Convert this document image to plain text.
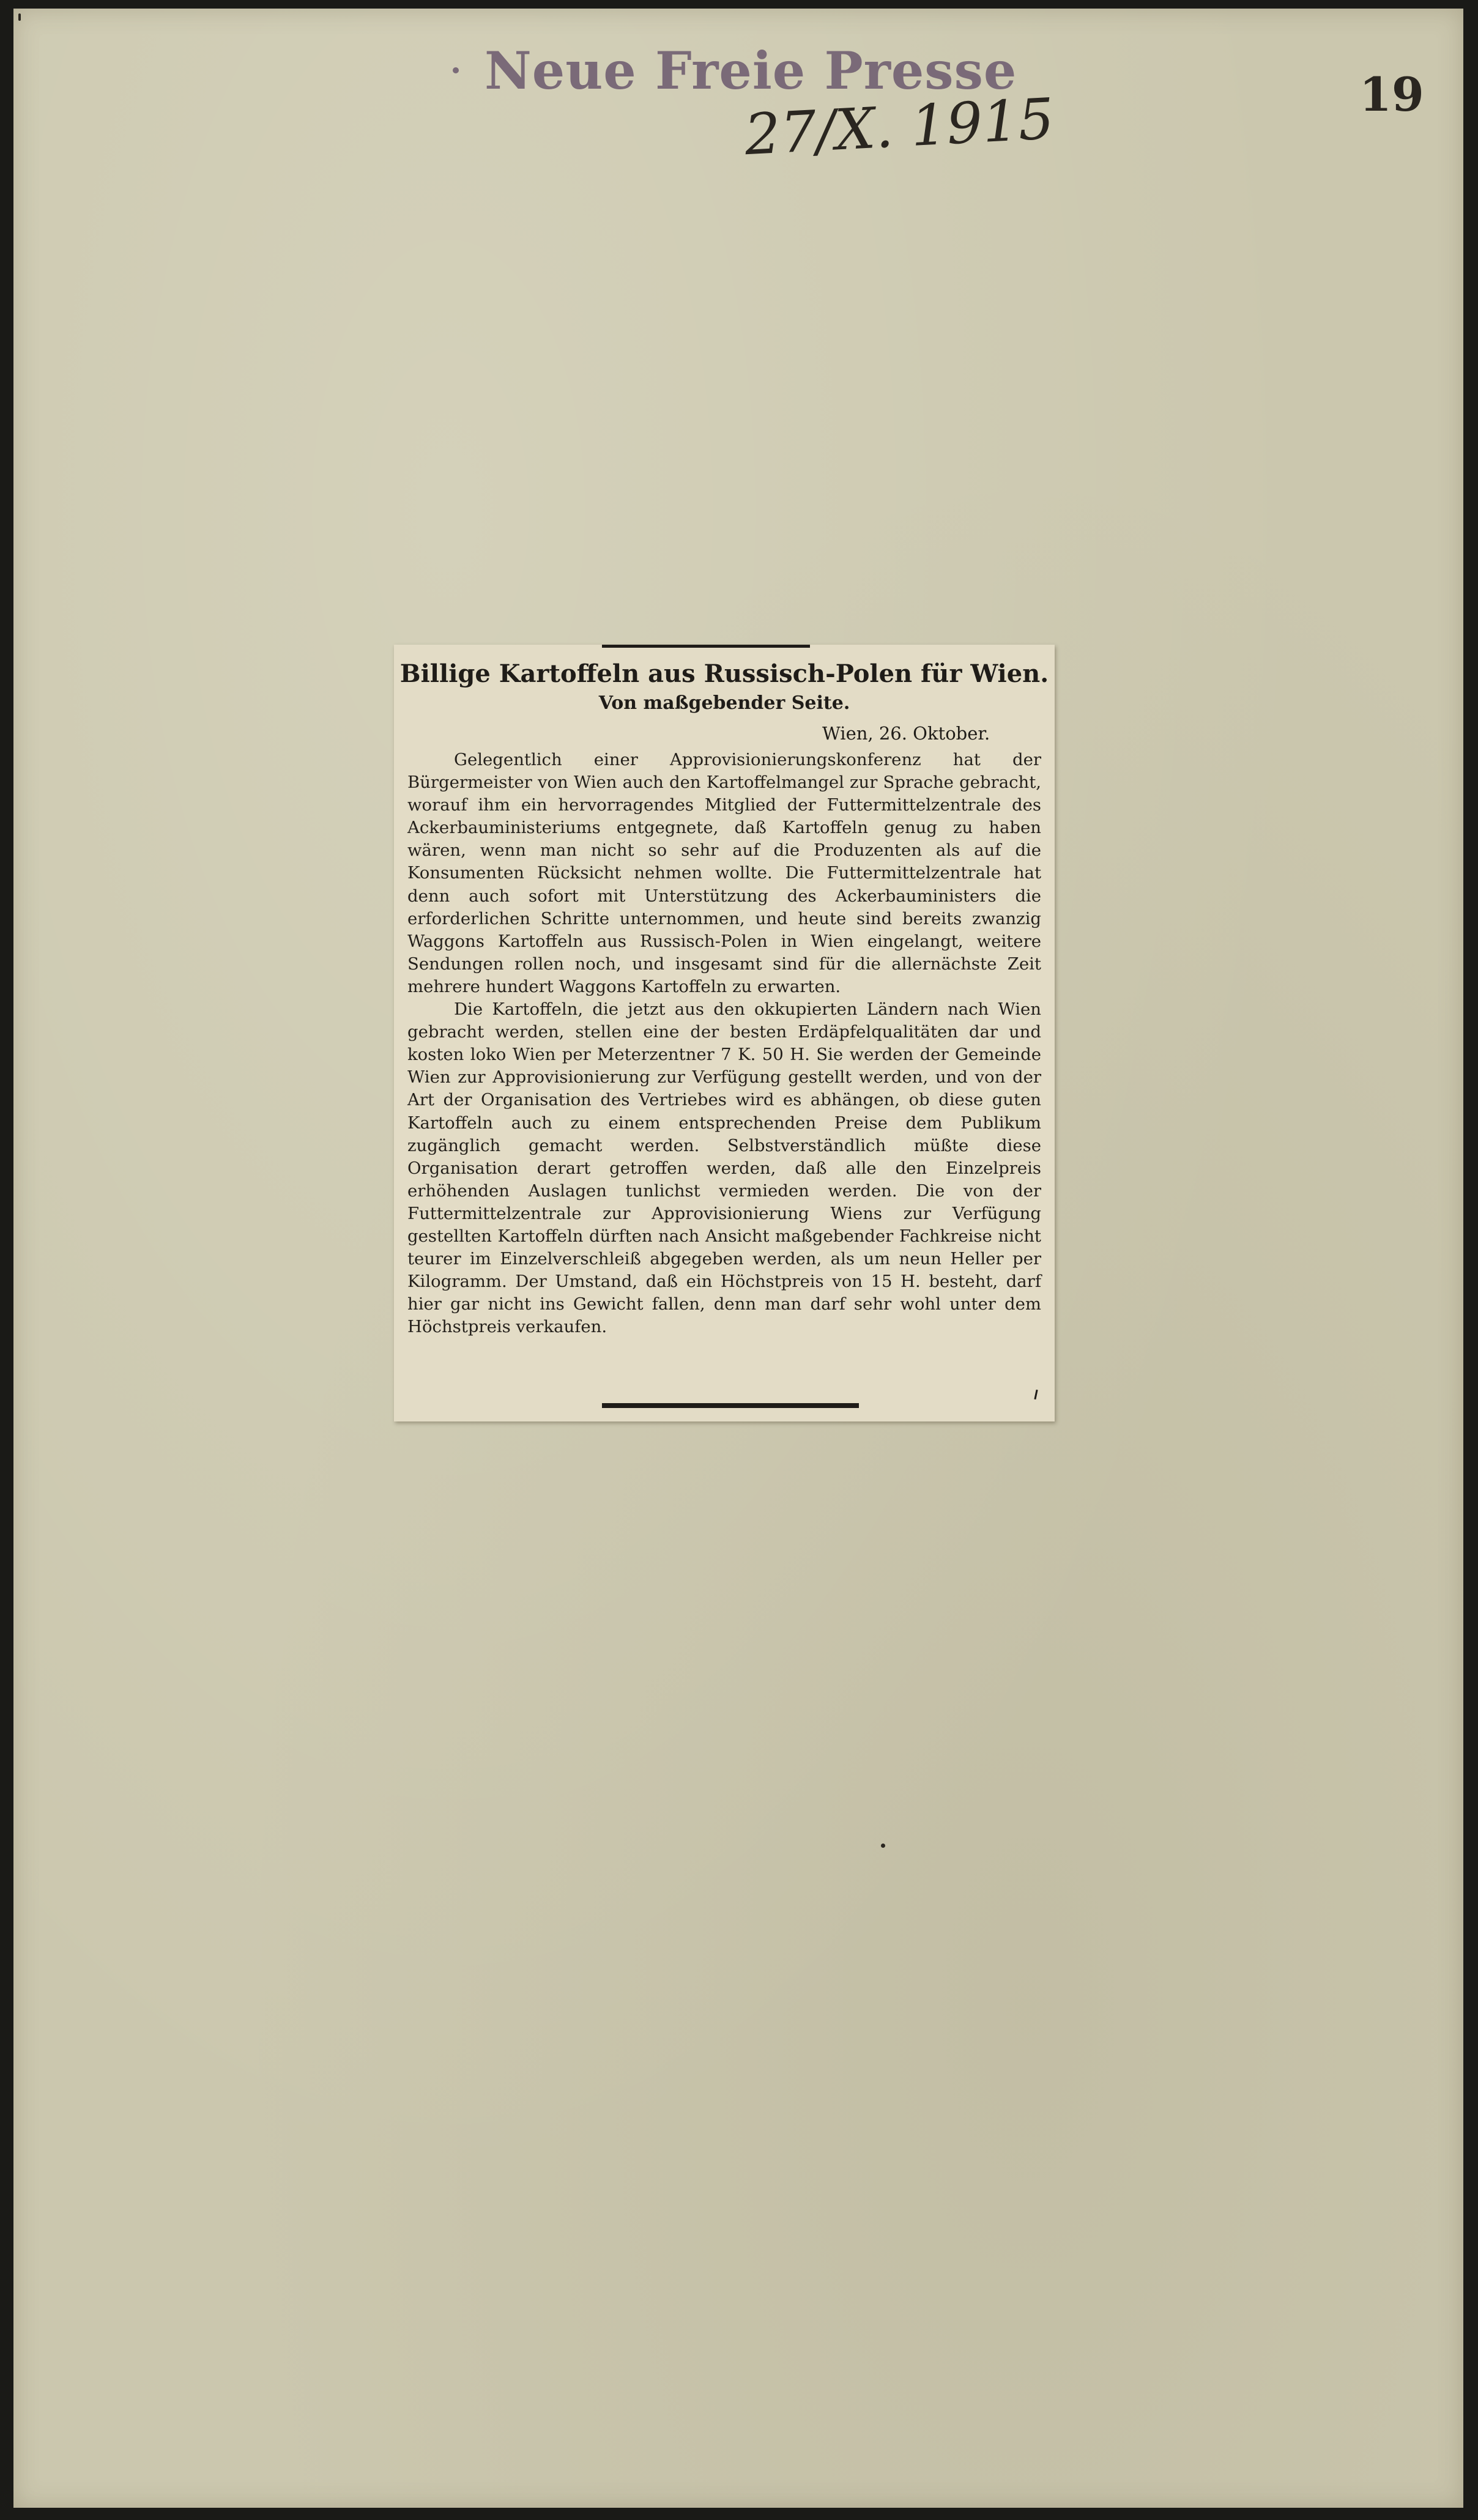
Neue Freie Presse
27/X. 1915	19
Billige Kartoffeln aus Russisch-Polen für Wien.
Von maßgebender Seite.
Wien, 26. Oktober.

Gelegentlich einer Approvisionierungskonferenz hat der Bürgermeister von Wien auch den Kartoffelmangel zur Sprache gebracht, worauf ihm ein hervorragendes Mitglied der Futtermittelzentrale des Ackerbauministeriums entgegnete, daß Kartoffeln genug zu haben wären, wenn man nicht so sehr auf die Produzenten als auf die Konsumenten Rücksicht nehmen wollte. Die Futtermittelzentrale hat denn auch sofort mit Unterstützung des Ackerbauministers die erforderlichen Schritte unternommen, und heute sind bereits zwanzig Waggons Kartoffeln aus Russisch-Polen in Wien eingelangt, weitere Sendungen rollen noch, und insgesamt sind für die allernächste Zeit mehrere hundert Waggons Kartoffeln zu erwarten.

Die Kartoffeln, die jetzt aus den okkupierten Ländern nach Wien gebracht werden, stellen eine der besten Erdäpfelqualitäten dar und kosten loko Wien per Meterzentner 7 K. 50 H. Sie werden der Gemeinde Wien zur Approvisionierung zur Verfügung gestellt werden, und von der Art der Organisation des Vertriebes wird es abhängen, ob diese guten Kartoffeln auch zu einem entsprechenden Preise dem Publikum zugänglich gemacht werden. Selbstverständlich müßte diese Organisation derart getroffen werden, daß alle den Einzelpreis erhöhenden Auslagen tunlichst vermieden werden. Die von der Futtermittelzentrale zur Approvisionierung Wiens zur Verfügung gestellten Kartoffeln dürften nach Ansicht maßgebender Fachkreise nicht teurer im Einzelverschleiß abgegeben werden, als um neun Heller per Kilogramm. Der Umstand, daß ein Höchstpreis von 15 H. besteht, darf hier gar nicht ins Gewicht fallen, denn man darf sehr wohl unter dem Höchstpreis verkaufen.
